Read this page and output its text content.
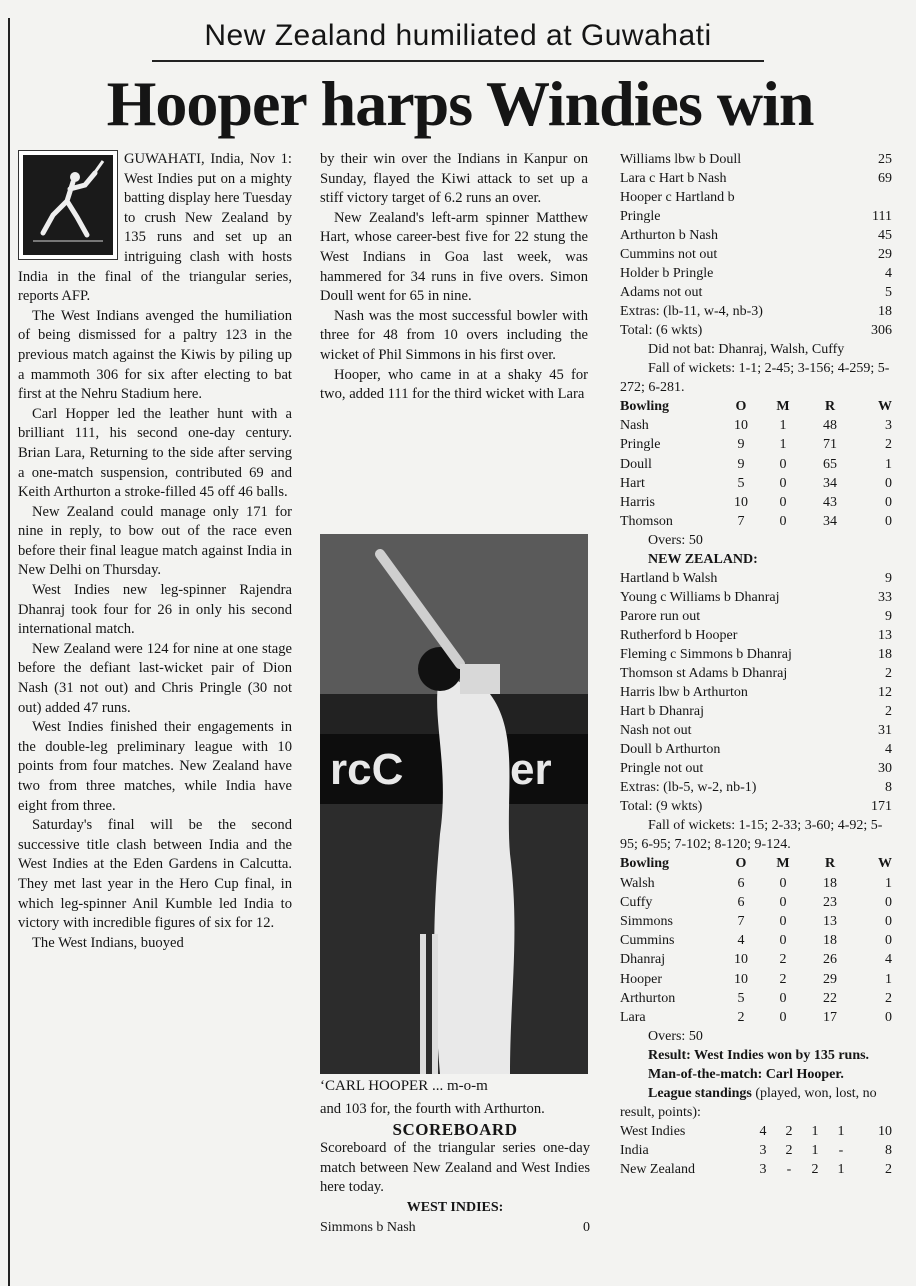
New Zealand humiliated at Guwahati
Hooper harps Windies win

GUWAHATI, India, Nov 1: West Indies put on a mighty batting display here Tuesday to crush New Zealand by 135 runs and set up an intriguing clash with hosts India in the final of the triangular series, reports AFP.

The West Indians avenged the humiliation of being dismissed for a paltry 123 in the previous match against the Kiwis by piling up a mammoth 306 for six after electing to bat first at the Nehru Stadium here.

Carl Hopper led the leather hunt with a brilliant 111, his second one-day century. Brian Lara, Returning to the side after serving a one-match suspension, contributed 69 and Keith Arthurton a stroke-filled 45 off 46 balls.

New Zealand could manage only 171 for nine in reply, to bow out of the race even before their final league match against India in New Delhi on Thursday.

West Indies new leg-spinner Rajendra Dhanraj took four for 26 in only his second international match.

New Zealand were 124 for nine at one stage before the defiant last-wicket pair of Dion Nash (31 not out) and Chris Pringle (30 not out) added 47 runs.

West Indies finished their engagements in the double-leg preliminary league with 10 points from four matches. New Zealand have two from three matches, while India have eight from three.

Saturday's final will be the second successive title clash between India and the West Indies at the Eden Gardens in Calcutta. They met last year in the Hero Cup final, in which leg-spinner Anil Kumble led India to victory with incredible figures of six for 12.

The West Indians, buoyed

by their win over the Indians in Kanpur on Sunday, flayed the Kiwi attack to set up a stiff victory target of 6.2 runs an over.

New Zealand's left-arm spinner Matthew Hart, whose career-best five for 22 stung the West Indians in Goa last week, was hammered for 34 runs in five overs. Simon Doull went for 65 in nine.

Nash was the most successful bowler with three for 48 from 10 overs including the wicket of Phil Simmons in his first over.

Hooper, who came in at a shaky 45 for two, added 111 for the third wicket with Lara

rcC er
‘CARL HOOPER ... m-o-m

and 103 for, the fourth with Arthurton.

SCOREBOARD

Scoreboard of the triangular series one-day match between New Zealand and West Indies here today.

WEST INDIES:
Simmons b Nash	0
Williams lbw b Doull	25
Lara c Hart b Nash	69
Hooper c Hartland b
Pringle	111
Arthurton b Nash	45
Cummins not out	29
Holder b Pringle	4
Adams not out	5
Extras: (lb-11, w-4, nb-3)	18
Total: (6 wkts)	306
Did not bat: Dhanraj, Walsh, Cuffy
Fall of wickets: 1-1; 2-45; 3-156; 4-259; 5-272; 6-281.
Bowling	O	M	R	W
Nash	10	1	48	3
Pringle	9	1	71	2
Doull	9	0	65	1
Hart	5	0	34	0
Harris	10	0	43	0
Thomson	7	0	34	0
Overs: 50
NEW ZEALAND:
Hartland b Walsh	9
Young c Williams b Dhanraj	33
Parore run out	9
Rutherford b Hooper	13
Fleming c Simmons b Dhanraj	18
Thomson st Adams b Dhanraj	2
Harris lbw b Arthurton	12
Hart b Dhanraj	2
Nash not out	31
Doull b Arthurton	4
Pringle not out	30
Extras: (lb-5, w-2, nb-1)	8
Total: (9 wkts)	171
Fall of wickets: 1-15; 2-33; 3-60; 4-92; 5-95; 6-95; 7-102; 8-120; 9-124.
Bowling	O	M	R	W
Walsh	6	0	18	1
Cuffy	6	0	23	0
Simmons	7	0	13	0
Cummins	4	0	18	0
Dhanraj	10	2	26	4
Hooper	10	2	29	1
Arthurton	5	0	22	2
Lara	2	0	17	0
Overs: 50
Result: West Indies won by 135 runs.
Man-of-the-match: Carl Hooper.
League standings (played, won, lost, no result, points):
West Indies	4	2	1	1	10
India	3	2	1	-	8
New Zealand	3	-	2	1	2
